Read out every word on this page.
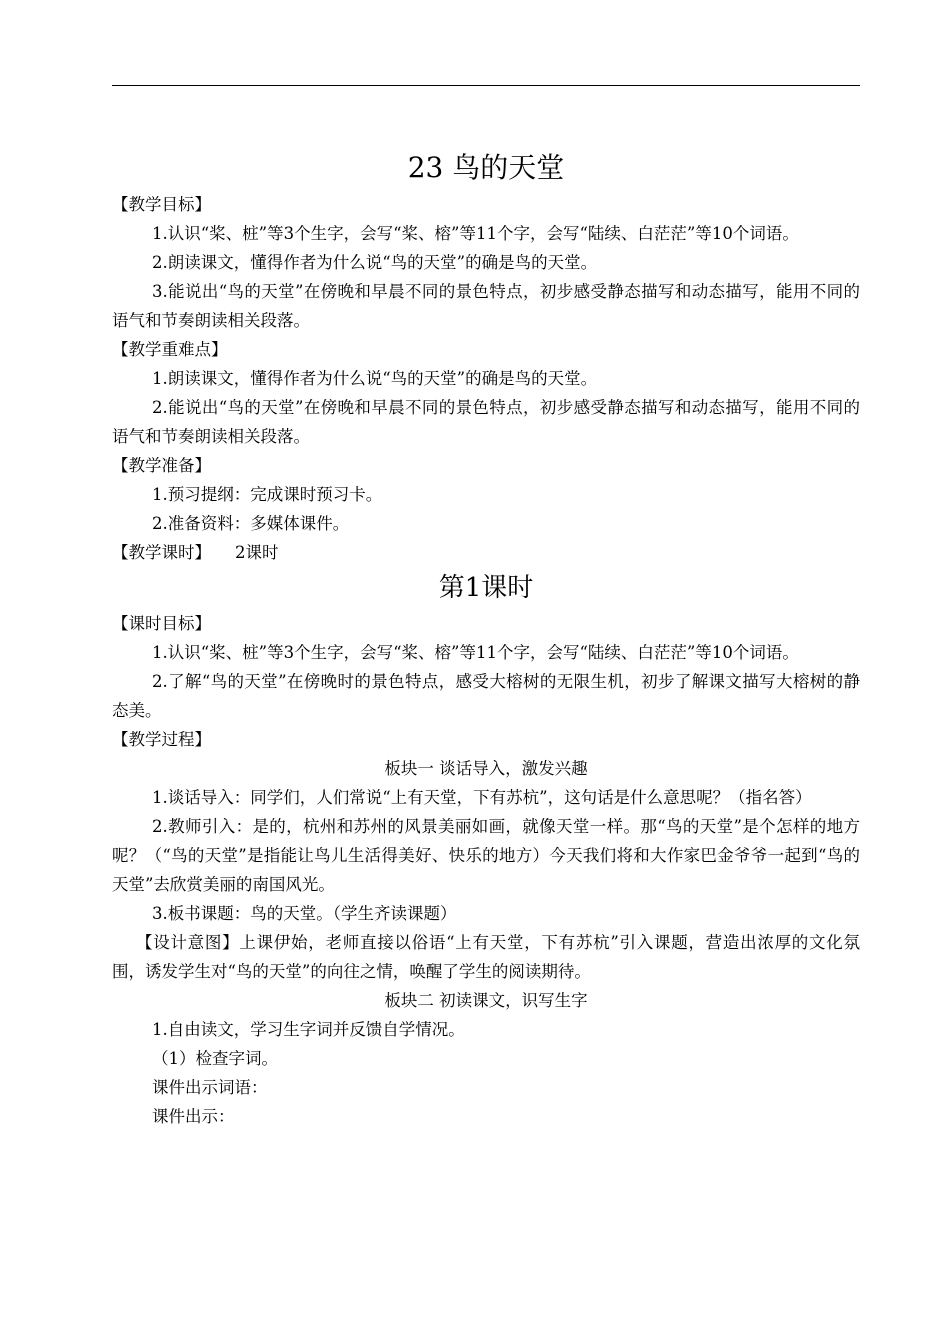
23 鸟的天堂
【教学目标】

1.认识“桨、桩”等3个生字，会写“桨、榕”等11个字，会写“陆续、白茫茫”等10个词语。

2.朗读课文，懂得作者为什么说“鸟的天堂”的确是鸟的天堂。

3.能说出“鸟的天堂”在傍晚和早晨不同的景色特点，初步感受静态描写和动态描写，能用不同的语气和节奏朗读相关段落。

【教学重难点】

1.朗读课文，懂得作者为什么说“鸟的天堂”的确是鸟的天堂。

2.能说出“鸟的天堂”在傍晚和早晨不同的景色特点，初步感受静态描写和动态描写，能用不同的语气和节奏朗读相关段落。

【教学准备】

1.预习提纲：完成课时预习卡。

2.准备资料：多媒体课件。

【教学课时】 2课时
第1课时
【课时目标】

1.认识“桨、桩”等3个生字，会写“桨、榕”等11个字，会写“陆续、白茫茫”等10个词语。

2.了解“鸟的天堂”在傍晚时的景色特点，感受大榕树的无限生机，初步了解课文描写大榕树的静态美。

【教学过程】
板块一 谈话导入，激发兴趣

1.谈话导入：同学们，人们常说“上有天堂，下有苏杭”，这句话是什么意思呢？（指名答）

2.教师引入：是的，杭州和苏州的风景美丽如画，就像天堂一样。那“鸟的天堂”是个怎样的地方呢？（“鸟的天堂”是指能让鸟儿生活得美好、快乐的地方）今天我们将和大作家巴金爷爷一起到“鸟的天堂”去欣赏美丽的南国风光。

3.板书课题：鸟的天堂。（学生齐读课题）

【设计意图】上课伊始，老师直接以俗语“上有天堂，下有苏杭”引入课题，营造出浓厚的文化氛围，诱发学生对“鸟的天堂”的向往之情，唤醒了学生的阅读期待。

板块二 初读课文，识写生字
1.自由读文，学习生字词并反馈自学情况。
（1）检查字词。
课件出示词语：
课件出示：
